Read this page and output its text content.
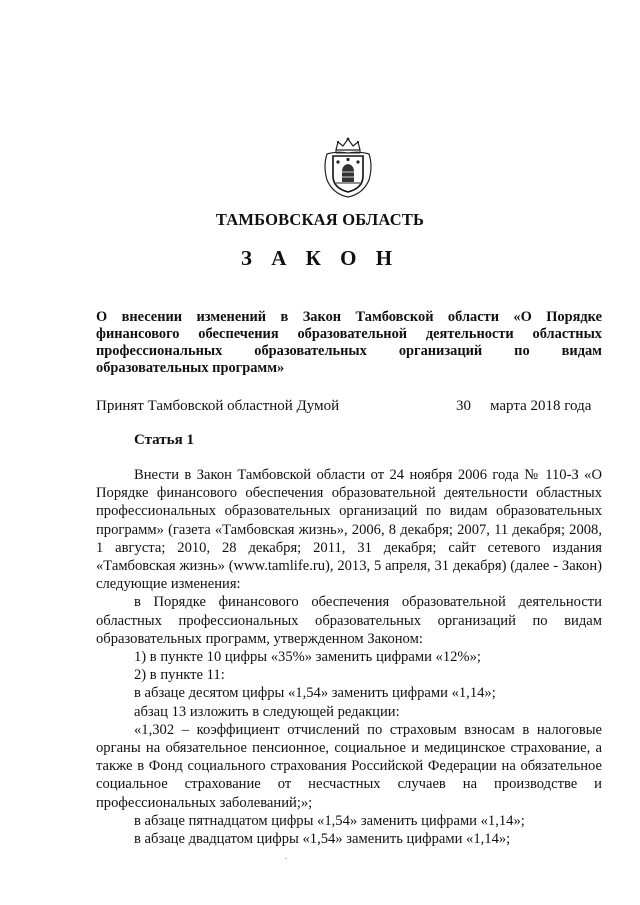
ТАМБОВСКАЯ ОБЛАСТЬ
З А К О Н
О внесении изменений в Закон Тамбовской области «О Порядке
финансового обеспечения образовательной деятельности областных
профессиональных образовательных организаций по видам
образовательных программ»
Принят Тамбовской областной Думой	30 марта 2018 года
Статья 1

Внести в Закон Тамбовской области от 24 ноября 2006 года № 110-З «О Порядке финансового обеспечения образовательной деятельности областных профессиональных образовательных организаций по видам образовательных программ» (газета «Тамбовская жизнь», 2006, 8 декабря; 2007, 11 декабря; 2008, 1 августа; 2010, 28 декабря; 2011, 31 декабря; сайт сетевого издания «Тамбовская жизнь» (www.tamlife.ru), 2013, 5 апреля, 31 декабря) (далее - Закон) следующие изменения:

в Порядке финансового обеспечения образовательной деятельности областных профессиональных образовательных организаций по видам образовательных программ, утвержденном Законом:

1) в пункте 10 цифры «35%» заменить цифрами «12%»;

2) в пункте 11:

в абзаце десятом цифры «1,54» заменить цифрами «1,14»;

абзац 13 изложить в следующей редакции:

«1,302 – коэффициент отчислений по страховым взносам в налоговые органы на обязательное пенсионное, социальное и медицинское страхование, а также в Фонд социального страхования Российской Федерации на обязательное социальное страхование от несчастных случаев на производстве и профессиональных заболеваний;»;

в абзаце пятнадцатом цифры «1,54» заменить цифрами «1,14»;

в абзаце двадцатом цифры «1,54» заменить цифрами «1,14»;
